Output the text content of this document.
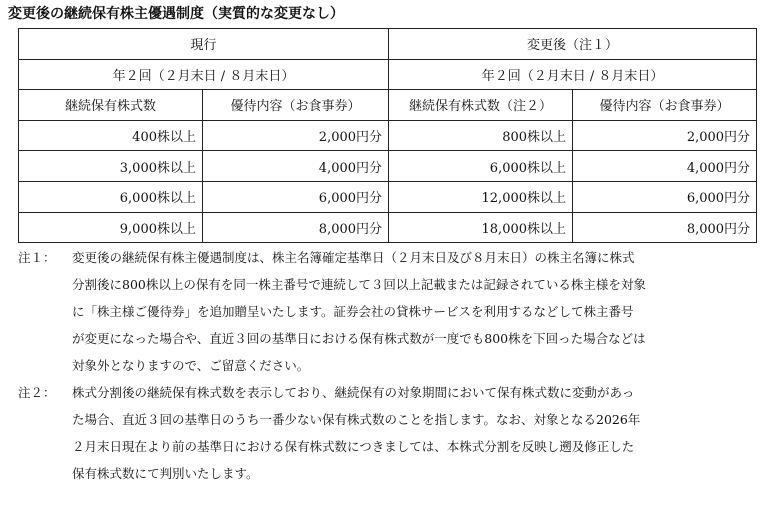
変更後の継続保有株主優遇制度（実質的な変更なし）
現行		変更後（注１）	
年２回（２月末日 / ８月末日）		年２回（２月末日 / ８月末日）	
継続保有株式数	優待内容（お食事券）	継続保有株式数（注２）	優待内容（お食事券）
400株以上	2,000円分	800株以上	2,000円分
3,000株以上	4,000円分	6,000株以上	4,000円分
6,000株以上	6,000円分	12,000株以上	6,000円分
9,000株以上	8,000円分	18,000株以上	8,000円分
注１：	変更後の継続保有株主優遇制度は、株主名簿確定基準日（２月末日及び８月末日）の株主名簿に株式
分割後に800株以上の保有を同一株主番号で連続して３回以上記載または記録されている株主様を対象
に「株主様ご優待券」を追加贈呈いたします。証券会社の貸株サービスを利用するなどして株主番号
が変更になった場合や、直近３回の基準日における保有株式数が一度でも800株を下回った場合などは
対象外となりますので、ご留意ください。
注２：	株式分割後の継続保有株式数を表示しており、継続保有の対象期間において保有株式数に変動があっ
た場合、直近３回の基準日のうち一番少ない保有株式数のことを指します。なお、対象となる2026年
２月末日現在より前の基準日における保有株式数につきましては、本株式分割を反映し遡及修正した
保有株式数にて判別いたします。
